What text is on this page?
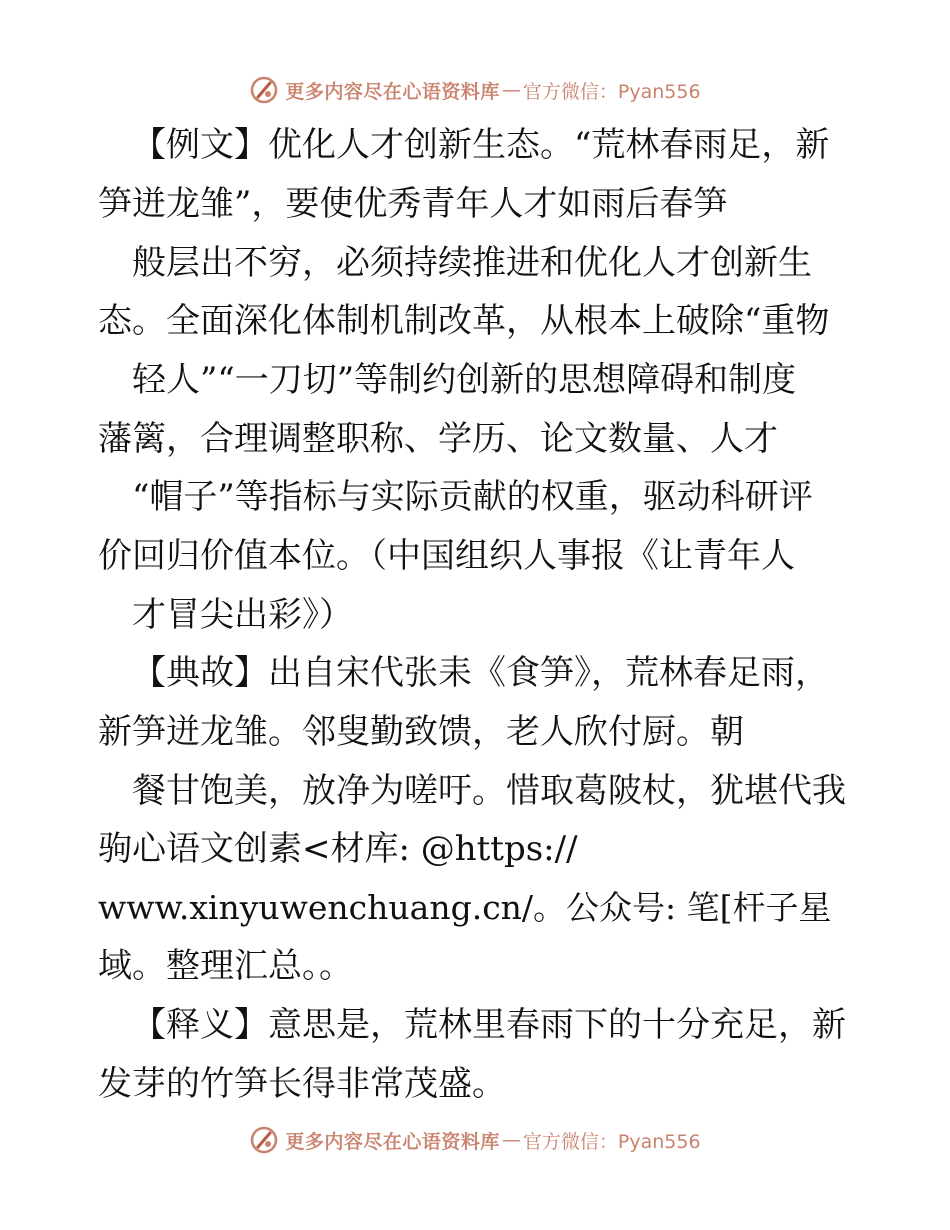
更多内容尽在心语资料库 — 官方微信：Pyan556
【例文】优化人才创新生态。“荒林春雨足，新
笋迸龙雏”，要使优秀青年人才如雨后春笋
般层出不穷，必须持续推进和优化人才创新生
态。全面深化体制机制改革，从根本上破除“重物
轻人”“一刀切”等制约创新的思想障碍和制度
藩篱，合理调整职称、学历、论文数量、人才
“帽子”等指标与实际贡献的权重，驱动科研评
价回归价值本位。（中国组织人事报《让青年人
才冒尖出彩》）
【典故】出自宋代张耒《食笋》，荒林春足雨，
新笋迸龙雏。邻叟勤致馈，老人欣付厨。朝
餐甘饱美，放净为嗟吁。惜取葛陂杖，犹堪代我
驹心语文创素<材库: @https://
www.xinyuwenchuang.cn/。公众号: 笔[杆子星
域。整理汇总。。
【释义】意思是，荒林里春雨下的十分充足，新
发芽的竹笋长得非常茂盛。
更多内容尽在心语资料库 — 官方微信：Pyan556
